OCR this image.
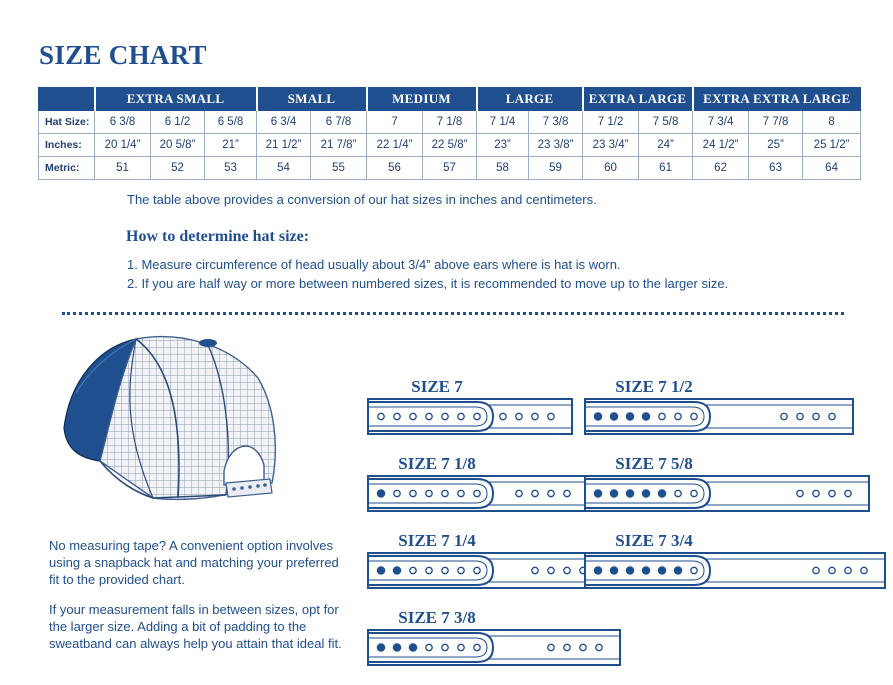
SIZE CHART
	EXTRA SMALL			SMALL		MEDIUM		LARGE		EXTRA LARGE		EXTRA EXTRA LARGE		
Hat Size:	6 3/8	6 1/2	6 5/8	6 3/4	6 7/8	7	7 1/8	7 1/4	7 3/8	7 1/2	7 5/8	7 3/4	7 7/8	8
Inches:	20 1/4”	20 5/8”	21”	21 1/2”	21 7/8”	22 1/4”	22 5/8”	23”	23 3/8”	23 3/4”	24”	24 1/2”	25”	25 1/2”
Metric:	51	52	53	54	55	56	57	58	59	60	61	62	63	64

The table above provides a conversion of our hat sizes in inches and centimeters.

How to determine hat size:

1. Measure circumference of head usually about 3/4” above ears where is hat is worn.

2. If you are half way or more between numbered sizes, it is recommended to move up to the larger size.

No measuring tape? A convenient option involves using a snapback hat and matching your preferred fit to the provided chart.

If your measurement falls in between sizes, opt for the larger size. Adding a bit of padding to the sweatband can always help you attain that ideal fit.

SIZE 7
SIZE 7 1/8
SIZE 7 1/4
SIZE 7 3/8
SIZE 7 1/2
SIZE 7 5/8
SIZE 7 3/4
